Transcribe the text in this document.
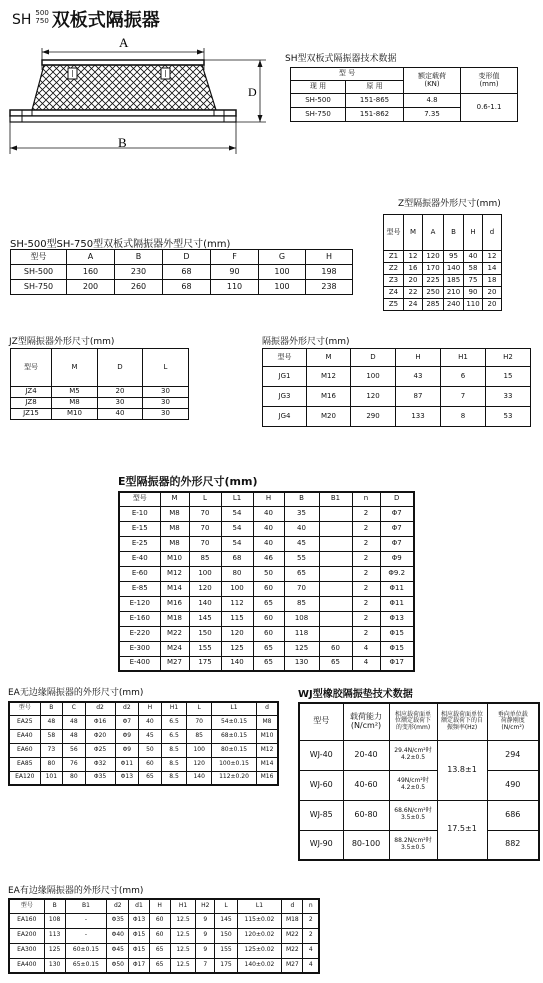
SH 500
750 双板式隔振器
A
D
B
SH型双板式隔振器技术数据
型 号		额定载荷
(KN)	变形值
(mm)
现 用	原 用		
SH-500	151-865	4.8	0.6-1.1
SH-750	151-862	7.35	
Z型隔振器外形尺寸(mm)
型号	M	A	B	H	d
Z1	12	120	95	40	12
Z2	16	170	140	58	14
Z3	20	225	185	75	18
Z4	22	250	210	90	20
Z5	24	285	240	110	20
SH-500型SH-750型双板式隔振器外型尺寸(mm)
型号	A	B	D	F	G	H
SH-500	160	230	68	90	100	198
SH-750	200	260	68	110	100	238
JZ型隔振器外形尺寸(mm)
型号	M	D	L
JZ4	M5	20	30
JZ8	M8	30	30
JZ15	M10	40	30
隔振器外形尺寸(mm)
型号	M	D	H	H1	H2
JG1	M12	100	43	6	15
JG3	M16	120	87	7	33
JG4	M20	290	133	8	53
E型隔振器的外形尺寸(mm)
型号	M	L	L1	H	B	B1	n	D
E-10	M8	70	54	40	35		2	Φ7
E-15	M8	70	54	40	40		2	Φ7
E-25	M8	70	54	40	45		2	Φ7
E-40	M10	85	68	46	55		2	Φ9
E-60	M12	100	80	50	65		2	Φ9.2
E-85	M14	120	100	60	70		2	Φ11
E-120	M16	140	112	65	85		2	Φ11
E-160	M18	145	115	60	108		2	Φ13
E-220	M22	150	120	60	118		2	Φ15
E-300	M24	155	125	65	125	60	4	Φ15
E-400	M27	175	140	65	130	65	4	Φ17
EA无边缘隔振器的外形尺寸(mm)
型号	B	C	d2	d2	H	H1	L	L1	d
EA25	48	48	Φ16	Φ7	40	6.5	70	54±0.15	M8
EA40	58	48	Φ20	Φ9	45	6.5	85	68±0.15	M10
EA60	73	56	Φ25	Φ9	50	8.5	100	80±0.15	M12
EA85	80	76	Φ32	Φ11	60	8.5	120	100±0.15	M14
EA120	101	80	Φ35	Φ13	65	8.5	140	112±0.20	M16
WJ型橡胶隔振垫技术数据
型号	载荷能力
(N/cm²)	相应载荷面单
位额定载荷下
的变形(mm)	相应载荷面单位
额定载荷下的自
振频率(Hz)	垂向单位载
荷静刚度
(N/cm²)
WJ-40	20-40	29.4N/cm²时
4.2±0.5	13.8±1	294
WJ-60	40-60	49N/cm²时
4.2±0.5		490
WJ-85	60-80	68.6N/cm²时
3.5±0.5	17.5±1	686
WJ-90	80-100	88.2N/cm²时
3.5±0.5		882
EA有边缘隔振器的外形尺寸(mm)
型号	B	B1	d2	d1	H	H1	H2	L	L1	d	n
EA160	108	-	Φ35	Φ13	60	12.5	9	145	115±0.02	M18	2
EA200	113	-	Φ40	Φ15	60	12.5	9	150	120±0.02	M22	2
EA300	125	60±0.15	Φ45	Φ15	65	12.5	9	155	125±0.02	M22	4
EA400	130	65±0.15	Φ50	Φ17	65	12.5	7	175	140±0.02	M27	4
